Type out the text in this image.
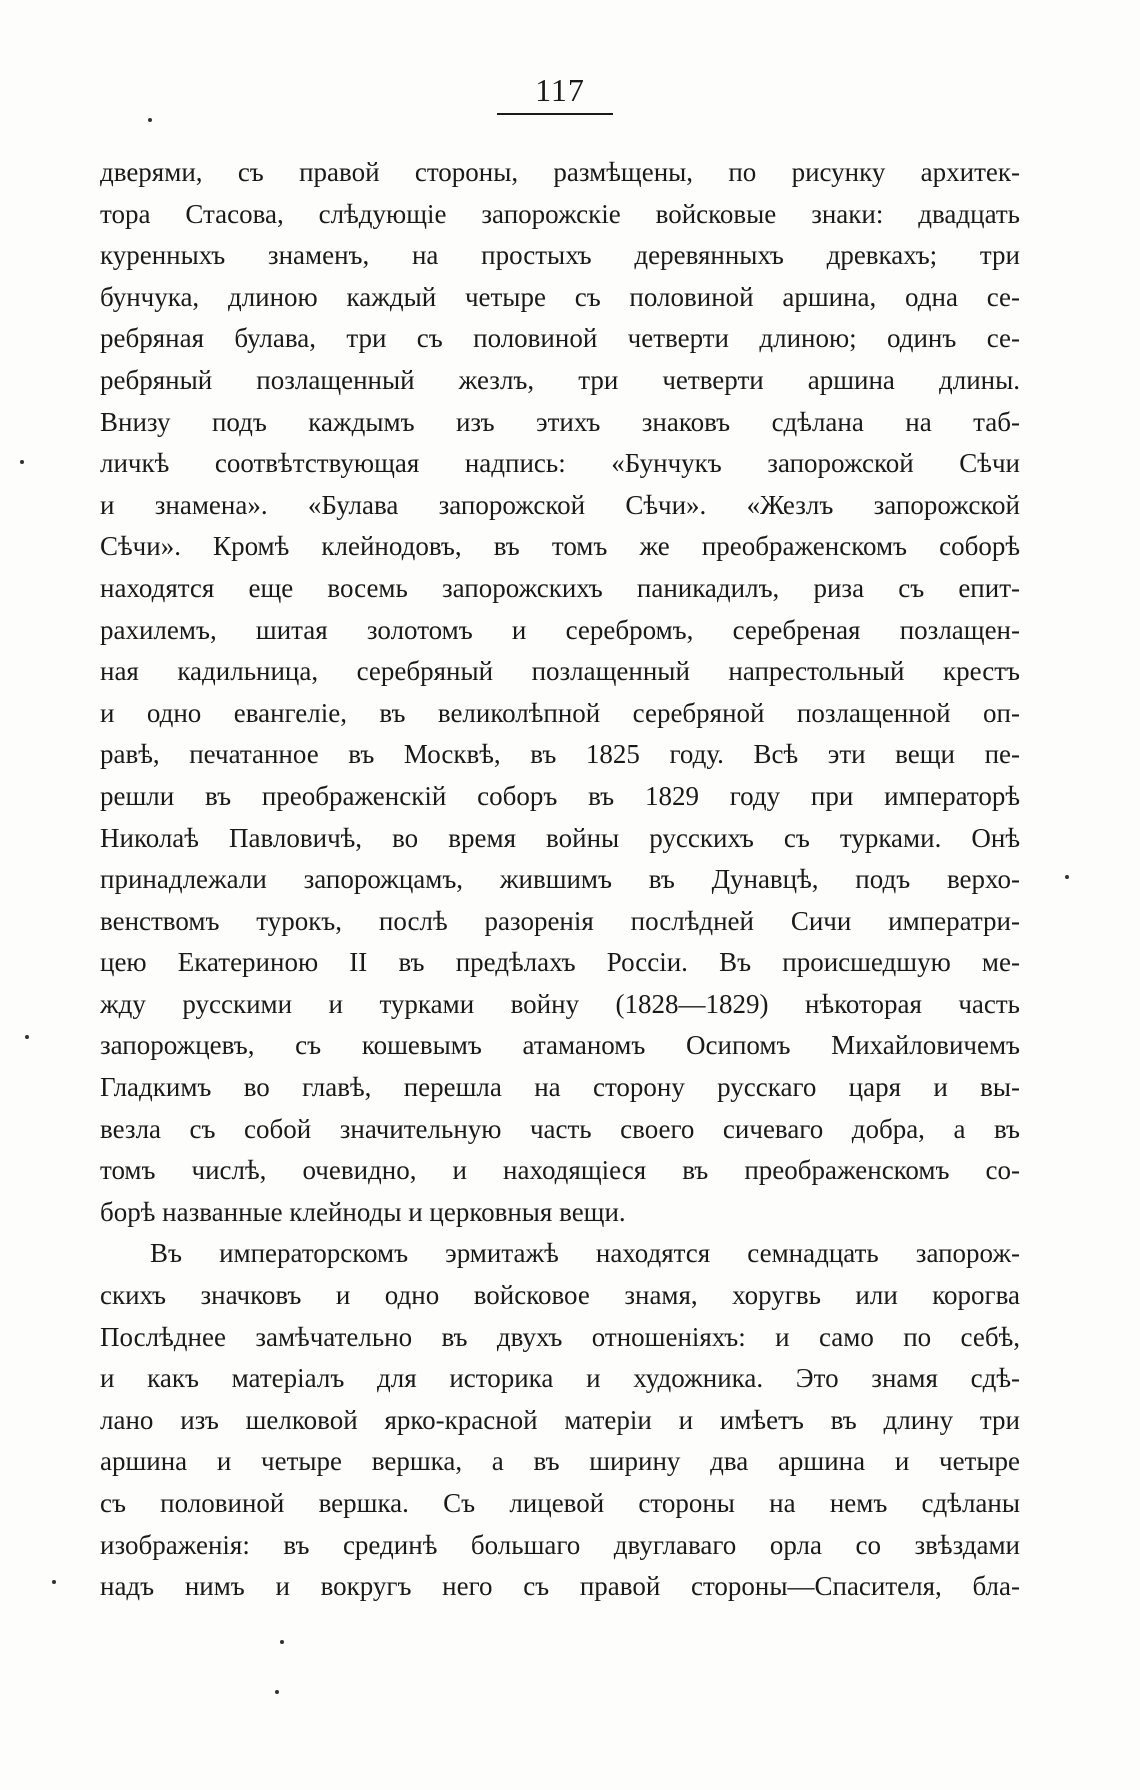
117
дверями, съ правой стороны, размѣщены, по рисунку архитек-
тора Стасова, слѣдующіе запорожскіе войсковые знаки: двадцать
куренныхъ знаменъ, на простыхъ деревянныхъ древкахъ; три
бунчука, длиною каждый четыре съ половиной аршина, одна се-
ребряная булава, три съ половиной четверти длиною; одинъ се-
ребряный позлащенный жезлъ, три четверти аршина длины.
Внизу подъ каждымъ изъ этихъ знаковъ сдѣлана на таб-
личкѣ соотвѣтствующая надпись: «Бунчукъ запорожской Сѣчи
и знамена». «Булава запорожской Сѣчи». «Жезлъ запорожской
Сѣчи». Кромѣ клейнодовъ, въ томъ же преображенскомъ соборѣ
находятся еще восемь запорожскихъ паникадилъ, риза съ епит-
рахилемъ, шитая золотомъ и серебромъ, серебреная позлащен-
ная кадильница, серебряный позлащенный напрестольный крестъ
и одно евангеліе, въ великолѣпной серебряной позлащенной оп-
равѣ, печатанное въ Москвѣ, въ 1825 году. Всѣ эти вещи пе-
решли въ преображенскій соборъ въ 1829 году при императорѣ
Николаѣ Павловичѣ, во время войны русскихъ съ турками. Онѣ
принадлежали запорожцамъ, жившимъ въ Дунавцѣ, подъ верхо-
венствомъ турокъ, послѣ разоренія послѣдней Сичи императри-
цею Екатериною II въ предѣлахъ Россіи. Въ происшедшую ме-
жду русскими и турками войну (1828—1829) нѣкоторая часть
запорожцевъ, съ кошевымъ атаманомъ Осипомъ Михайловичемъ
Гладкимъ во главѣ, перешла на сторону русскаго царя и вы-
везла съ собой значительную часть своего сичеваго добра, а въ
томъ числѣ, очевидно, и находящіеся въ преображенскомъ со-
борѣ названные клейноды и церковныя вещи.
Въ императорскомъ эрмитажѣ находятся семнадцать запорож-
скихъ значковъ и одно войсковое знамя, хоругвь или корогва
Послѣднее замѣчательно въ двухъ отношеніяхъ: и само по себѣ,
и какъ матеріалъ для историка и художника. Это знамя сдѣ-
лано изъ шелковой ярко-красной матеріи и имѣетъ въ длину три
аршина и четыре вершка, а въ ширину два аршина и четыре
съ половиной вершка. Съ лицевой стороны на немъ сдѣланы
изображенія: въ срединѣ большаго двуглаваго орла со звѣздами
надъ нимъ и вокругъ него съ правой стороны—Спасителя, бла-
